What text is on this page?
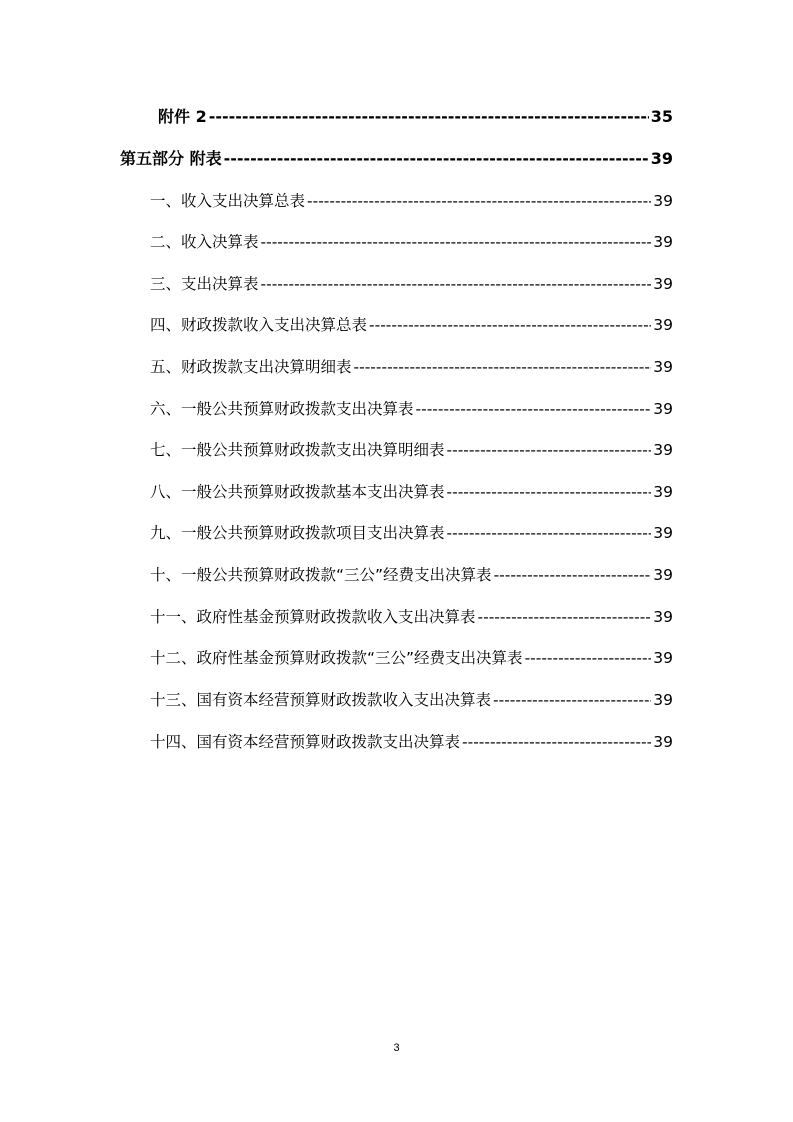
附件 2 -----	35
第五部分 附表 -----	39
一、收入支出决算总表 -----	39
二、收入决算表 -----	39
三、支出决算表 -----	39
四、财政拨款收入支出决算总表 -----	39
五、财政拨款支出决算明细表 -----	39
六、一般公共预算财政拨款支出决算表 -----	39
七、一般公共预算财政拨款支出决算明细表 -----	39
八、一般公共预算财政拨款基本支出决算表 -----	39
九、一般公共预算财政拨款项目支出决算表 -----	39
十、一般公共预算财政拨款“三公”经费支出决算表 -----	39
十一、政府性基金预算财政拨款收入支出决算表 -----	39
十二、政府性基金预算财政拨款“三公”经费支出决算表 -----	39
十三、国有资本经营预算财政拨款收入支出决算表 -----	39
十四、国有资本经营预算财政拨款支出决算表 -----	39
3
